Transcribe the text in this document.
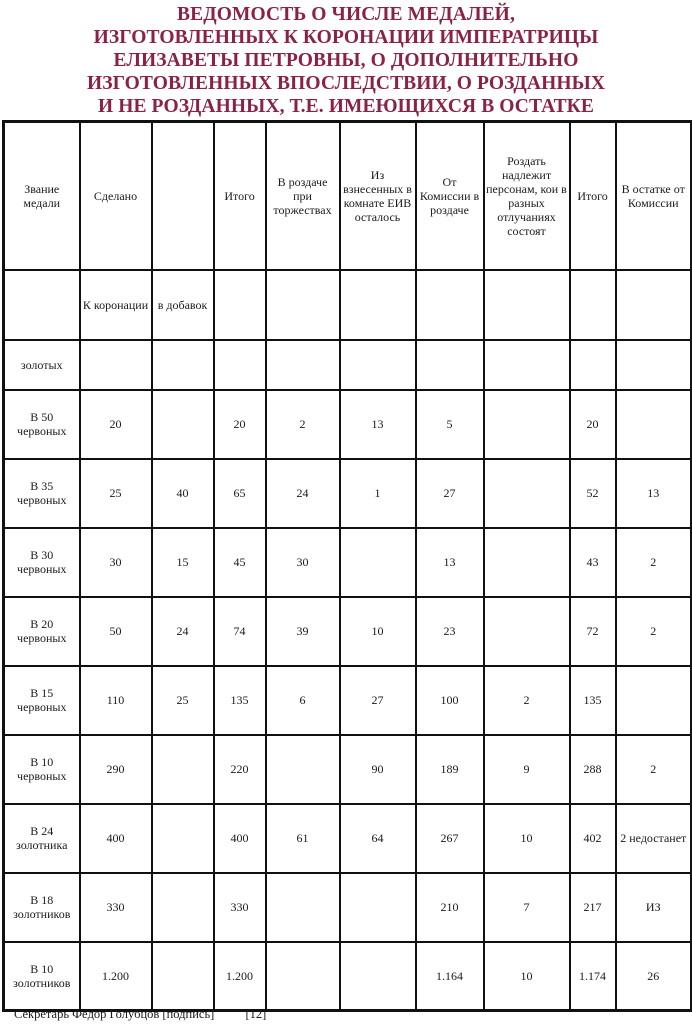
ВЕДОМОСТЬ О ЧИСЛЕ МЕДАЛЕЙ,
ИЗГОТОВЛЕННЫХ К КОРОНАЦИИ ИМПЕРАТРИЦЫ
ЕЛИЗАВЕТЫ ПЕТРОВНЫ, О ДОПОЛНИТЕЛЬНО
ИЗГОТОВЛЕННЫХ ВПОСЛЕДСТВИИ, О РОЗДАННЫХ
И НЕ РОЗДАННЫХ, Т.Е. ИМЕЮЩИХСЯ В ОСТАТКЕ
Звание медали	Сделано		Итого	В роздаче при торжествах	Из взнесенных в комнате ЕИВ осталось	От Комиссии в роздаче	Роздать надлежит персонам, кои в разных отлучаниях состоят	Итого	В остатке от Комиссии
	К коронации	в добавок							
золотых									
В 50 червоных	20		20	2	13	5		20	
В 35 червоных	25	40	65	24	1	27		52	13
В 30 червоных	30	15	45	30		13		43	2
В 20 червоных	50	24	74	39	10	23		72	2
В 15 червоных	110	25	135	6	27	100	2	135	
В 10 червоных	290		220		90	189	9	288	2
В 24 золотника	400		400	61	64	267	10	402	2 недостанет
В 18 золотников	330		330			210	7	217	ИЗ
В 10 золотников	1.200		1.200			1.164	10	1.174	26
Секретарь Фёдор Голубцов [подпись] [12]
